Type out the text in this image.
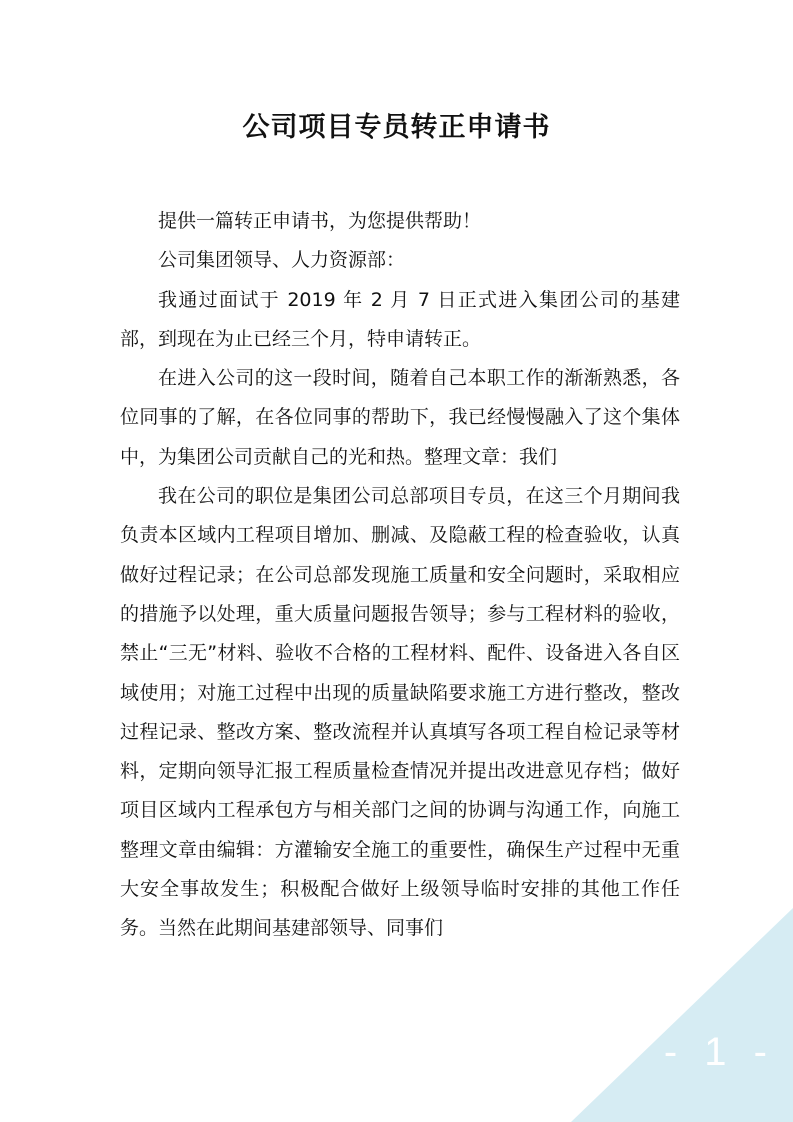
公司项目专员转正申请书

提供一篇转正申请书，为您提供帮助！

公司集团领导、人力资源部：

我通过面试于 2019 年 2 月 7 日正式进入集团公司的基建部，到现在为止已经三个月，特申请转正。

在进入公司的这一段时间，随着自己本职工作的渐渐熟悉，各位同事的了解，在各位同事的帮助下，我已经慢慢融入了这个集体中，为集团公司贡献自己的光和热。整理文章：我们

我在公司的职位是集团公司总部项目专员，在这三个月期间我负责本区域内工程项目增加、删减、及隐蔽工程的检查验收，认真做好过程记录；在公司总部发现施工质量和安全问题时，采取相应的措施予以处理，重大质量问题报告领导；参与工程材料的验收，禁止“三无”材料、验收不合格的工程材料、配件、设备进入各自区域使用；对施工过程中出现的质量缺陷要求施工方进行整改，整改过程记录、整改方案、整改流程并认真填写各项工程自检记录等材料，定期向领导汇报工程质量检查情况并提出改进意见存档；做好项目区域内工程承包方与相关部门之间的协调与沟通工作，向施工整理文章由编辑：方灌输安全施工的重要性，确保生产过程中无重大安全事故发生；积极配合做好上级领导临时安排的其他工作任务。当然在此期间基建部领导、同事们

- 1 -
